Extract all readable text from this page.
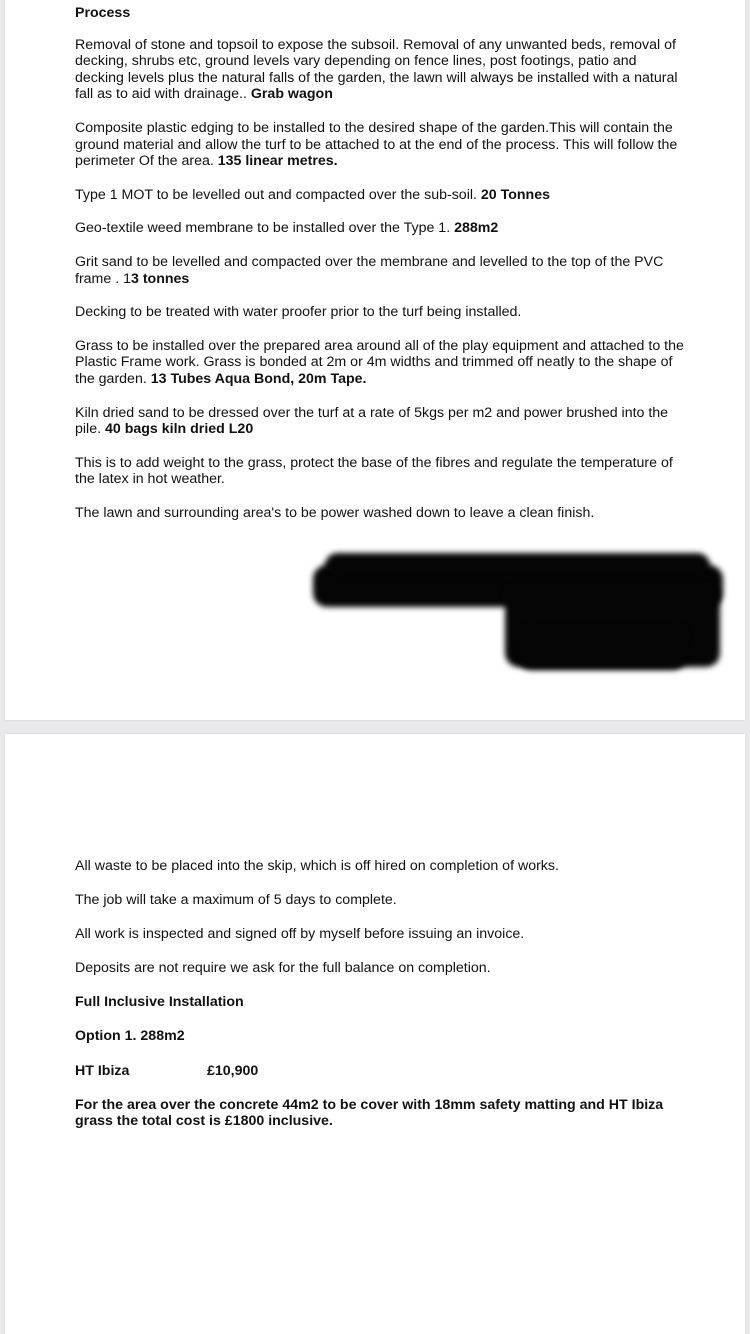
Process

Removal of stone and topsoil to expose the subsoil. Removal of any unwanted beds, removal of decking, shrubs etc, ground levels vary depending on fence lines, post footings, patio and decking levels plus the natural falls of the garden, the lawn will always be installed with a natural fall as to aid with drainage.. Grab wagon

Composite plastic edging to be installed to the desired shape of the garden.This will contain the ground material and allow the turf to be attached to at the end of the process. This will follow the perimeter Of the area. 135 linear metres.

Type 1 MOT to be levelled out and compacted over the sub-soil. 20 Tonnes

Geo-textile weed membrane to be installed over the Type 1. 288m2

Grit sand to be levelled and compacted over the membrane and levelled to the top of the PVC frame . 13 tonnes

Decking to be treated with water proofer prior to the turf being installed.

Grass to be installed over the prepared area around all of the play equipment and attached to the Plastic Frame work. Grass is bonded at 2m or 4m widths and trimmed off neatly to the shape of the garden. 13 Tubes Aqua Bond, 20m Tape.

Kiln dried sand to be dressed over the turf at a rate of 5kgs per m2 and power brushed into the pile. 40 bags kiln dried L20

This is to add weight to the grass, protect the base of the fibres and regulate the temperature of the latex in hot weather.

The lawn and surrounding area's to be power washed down to leave a clean finish.

All waste to be placed into the skip, which is off hired on completion of works.

The job will take a maximum of 5 days to complete.

All work is inspected and signed off by myself before issuing an invoice.

Deposits are not require we ask for the full balance on completion.

Full Inclusive Installation

Option 1. 288m2

HT Ibiza	£10,900

For the area over the concrete 44m2 to be cover with 18mm safety matting and HT Ibiza grass the total cost is £1800 inclusive.
